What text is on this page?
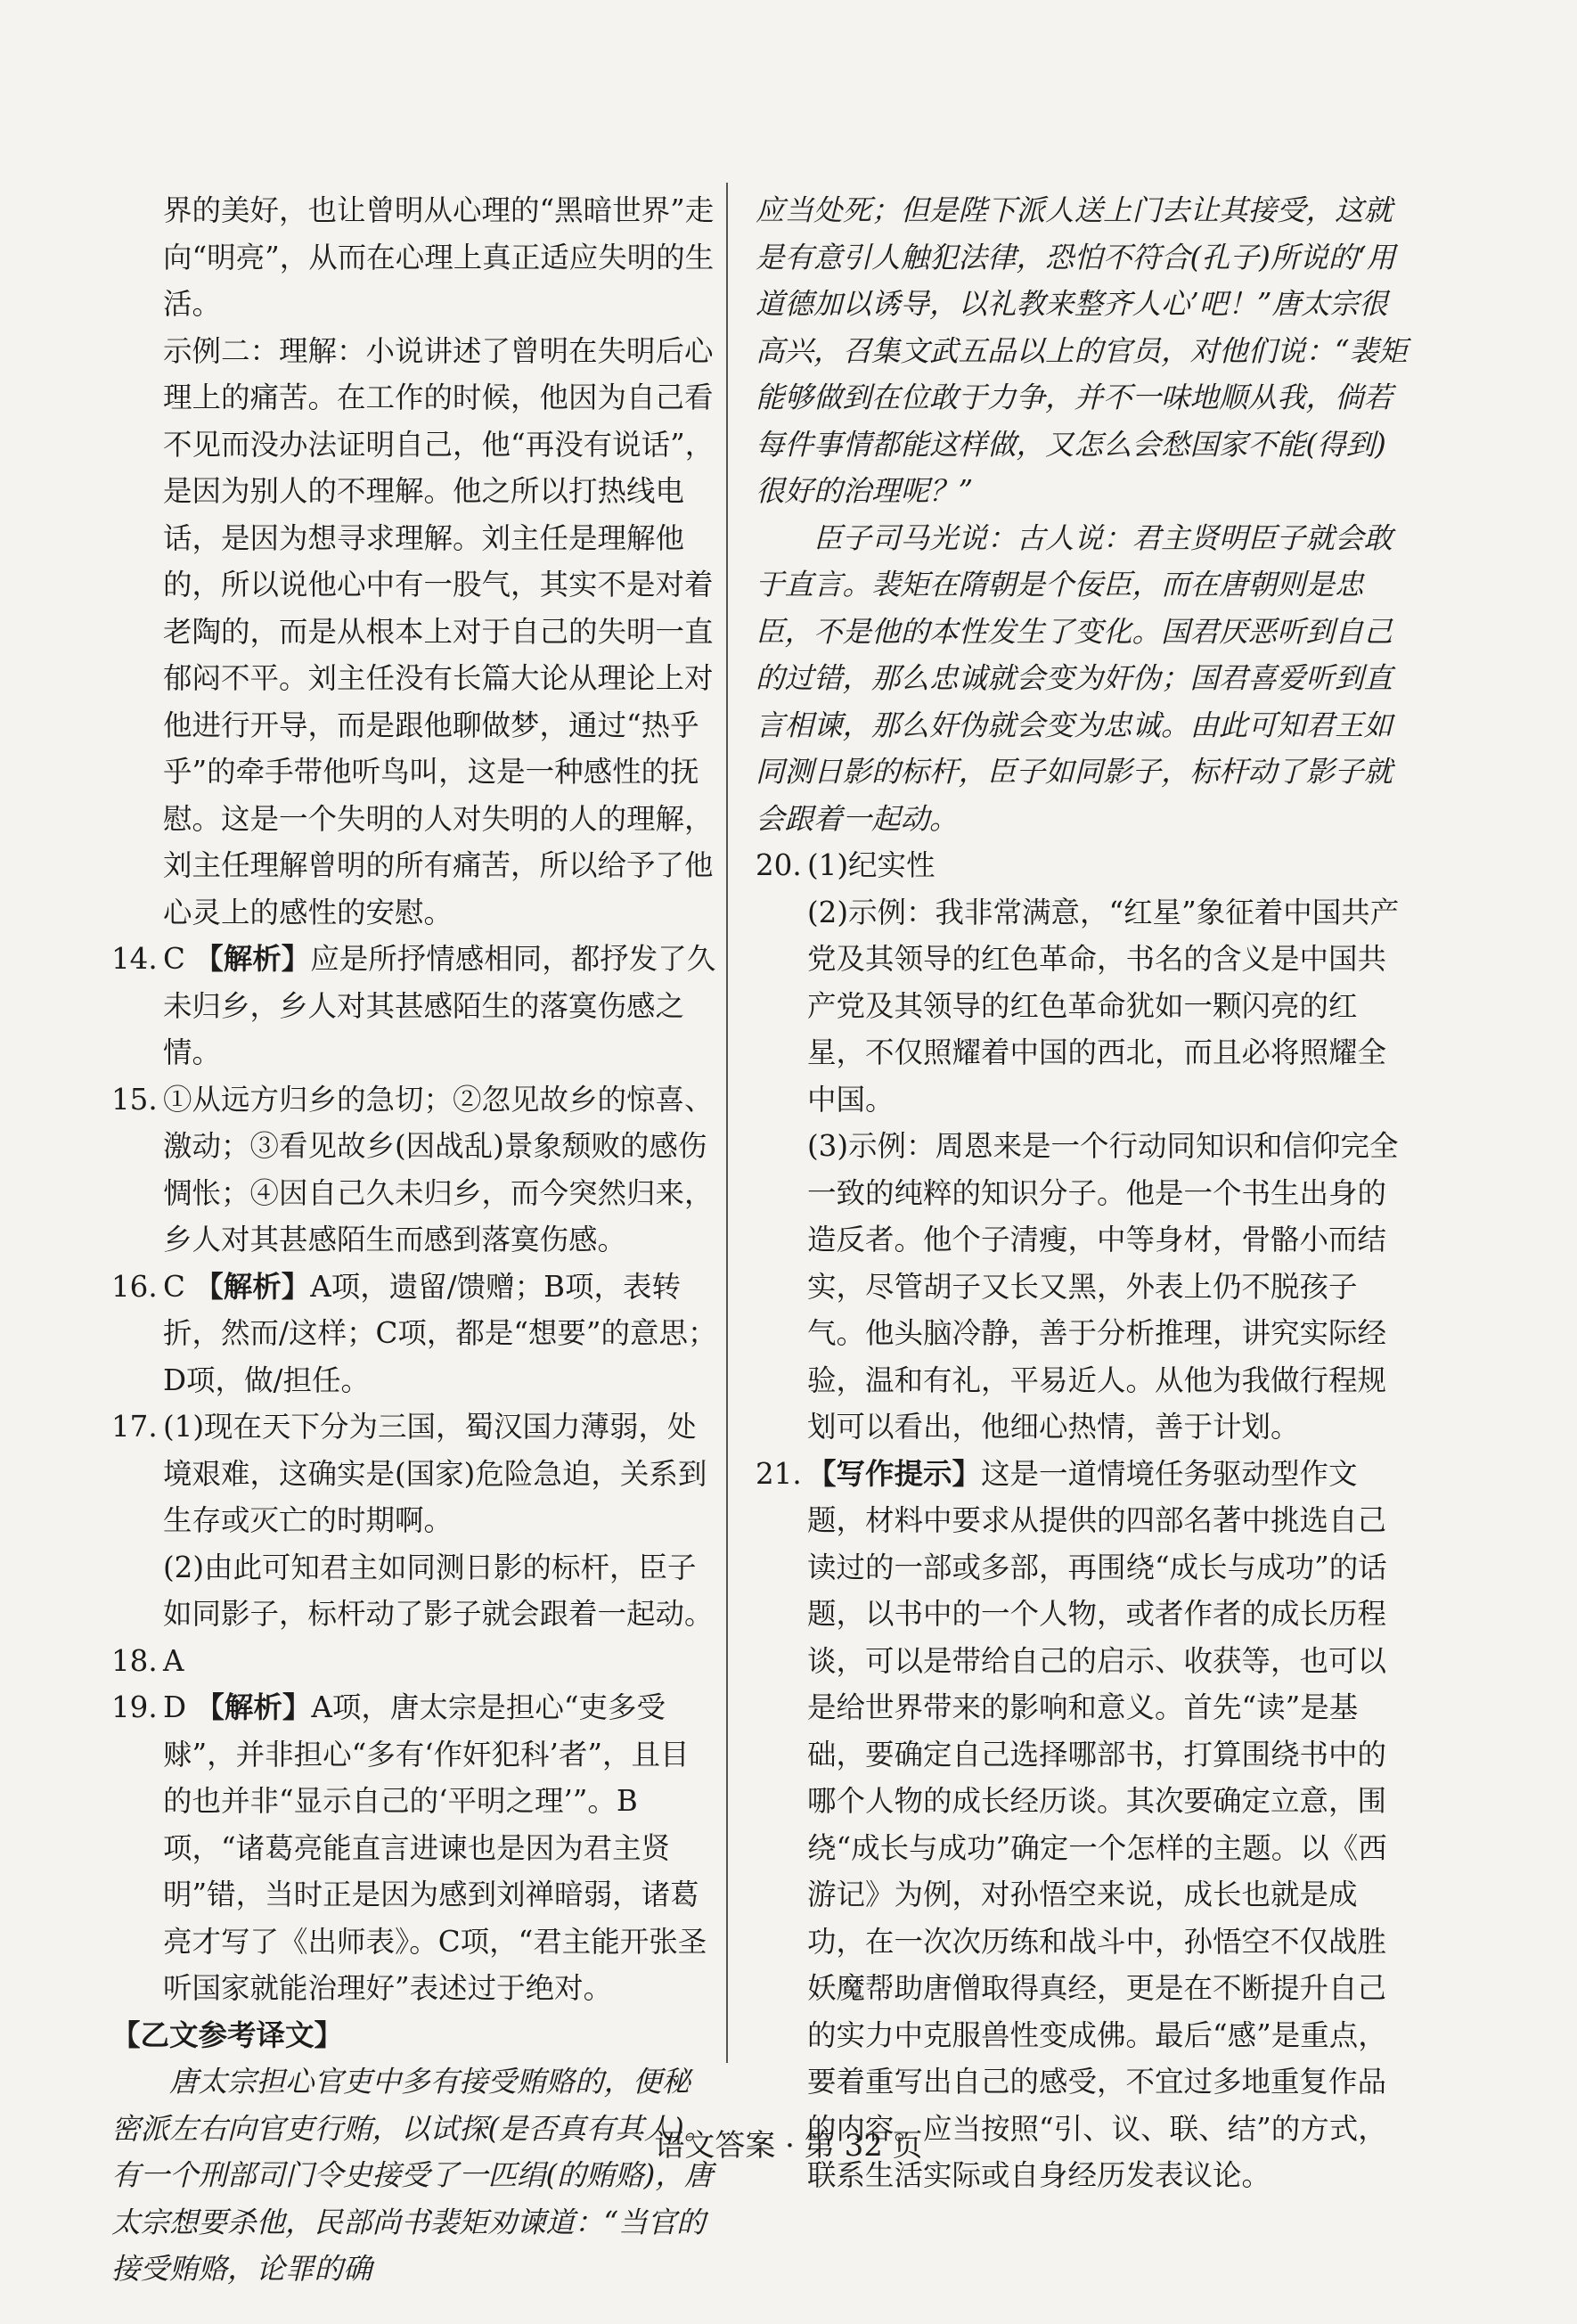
界的美好，也让曾明从心理的“黑暗世界”走向“明亮”，从而在心理上真正适应失明的生活。

示例二：理解：小说讲述了曾明在失明后心理上的痛苦。在工作的时候，他因为自己看不见而没办法证明自己，他“再没有说话”，是因为别人的不理解。他之所以打热线电话，是因为想寻求理解。刘主任是理解他的，所以说他心中有一股气，其实不是对着老陶的，而是从根本上对于自己的失明一直郁闷不平。刘主任没有长篇大论从理论上对他进行开导，而是跟他聊做梦，通过“热乎乎”的牵手带他听鸟叫，这是一种感性的抚慰。这是一个失明的人对失明的人的理解，刘主任理解曾明的所有痛苦，所以给予了他心灵上的感性的安慰。

14. C 【解析】应是所抒情感相同，都抒发了久未归乡，乡人对其甚感陌生的落寞伤感之情。

15. ①从远方归乡的急切；②忽见故乡的惊喜、激动；③看见故乡(因战乱)景象颓败的感伤惆怅；④因自己久未归乡，而今突然归来，乡人对其甚感陌生而感到落寞伤感。

16. C 【解析】A项，遗留/馈赠；B项，表转折，然而/这样；C项，都是“想要”的意思；D项，做/担任。

17. (1)现在天下分为三国，蜀汉国力薄弱，处境艰难，这确实是(国家)危险急迫，关系到生存或灭亡的时期啊。

(2)由此可知君主如同测日影的标杆，臣子如同影子，标杆动了影子就会跟着一起动。

18. A

19. D 【解析】A项，唐太宗是担心“吏多受赇”，并非担心“多有‘作奸犯科’者”，且目的也并非“显示自己的‘平明之理’”。B项，“诸葛亮能直言进谏也是因为君主贤明”错，当时正是因为感到刘禅暗弱，诸葛亮才写了《出师表》。C项，“君主能开张圣听国家就能治理好”表述过于绝对。

【乙文参考译文】

唐太宗担心官吏中多有接受贿赂的，便秘密派左右向官吏行贿，以试探(是否真有其人)。有一个刑部司门令史接受了一匹绢(的贿赂)，唐太宗想要杀他，民部尚书裴矩劝谏道：“当官的接受贿赂，论罪的确

应当处死；但是陛下派人送上门去让其接受，这就是有意引人触犯法律，恐怕不符合(孔子)所说的‘用道德加以诱导，以礼教来整齐人心’吧！”唐太宗很高兴，召集文武五品以上的官员，对他们说：“裴矩能够做到在位敢于力争，并不一味地顺从我，倘若每件事情都能这样做，又怎么会愁国家不能(得到)很好的治理呢？”

臣子司马光说：古人说：君主贤明臣子就会敢于直言。裴矩在隋朝是个佞臣，而在唐朝则是忠臣，不是他的本性发生了变化。国君厌恶听到自己的过错，那么忠诚就会变为奸伪；国君喜爱听到直言相谏，那么奸伪就会变为忠诚。由此可知君王如同测日影的标杆，臣子如同影子，标杆动了影子就会跟着一起动。

20. (1)纪实性

(2)示例：我非常满意，“红星”象征着中国共产党及其领导的红色革命，书名的含义是中国共产党及其领导的红色革命犹如一颗闪亮的红星，不仅照耀着中国的西北，而且必将照耀全中国。

(3)示例：周恩来是一个行动同知识和信仰完全一致的纯粹的知识分子。他是一个书生出身的造反者。他个子清瘦，中等身材，骨骼小而结实，尽管胡子又长又黑，外表上仍不脱孩子气。他头脑冷静，善于分析推理，讲究实际经验，温和有礼，平易近人。从他为我做行程规划可以看出，他细心热情，善于计划。

21. 【写作提示】这是一道情境任务驱动型作文题，材料中要求从提供的四部名著中挑选自己读过的一部或多部，再围绕“成长与成功”的话题，以书中的一个人物，或者作者的成长历程谈，可以是带给自己的启示、收获等，也可以是给世界带来的影响和意义。首先“读”是基础，要确定自己选择哪部书，打算围绕书中的哪个人物的成长经历谈。其次要确定立意，围绕“成长与成功”确定一个怎样的主题。以《西游记》为例，对孙悟空来说，成长也就是成功，在一次次历练和战斗中，孙悟空不仅战胜妖魔帮助唐僧取得真经，更是在不断提升自己的实力中克服兽性变成佛。最后“感”是重点，要着重写出自己的感受，不宜过多地重复作品的内容。应当按照“引、议、联、结”的方式，联系生活实际或自身经历发表议论。

语文答案 · 第 32 页
